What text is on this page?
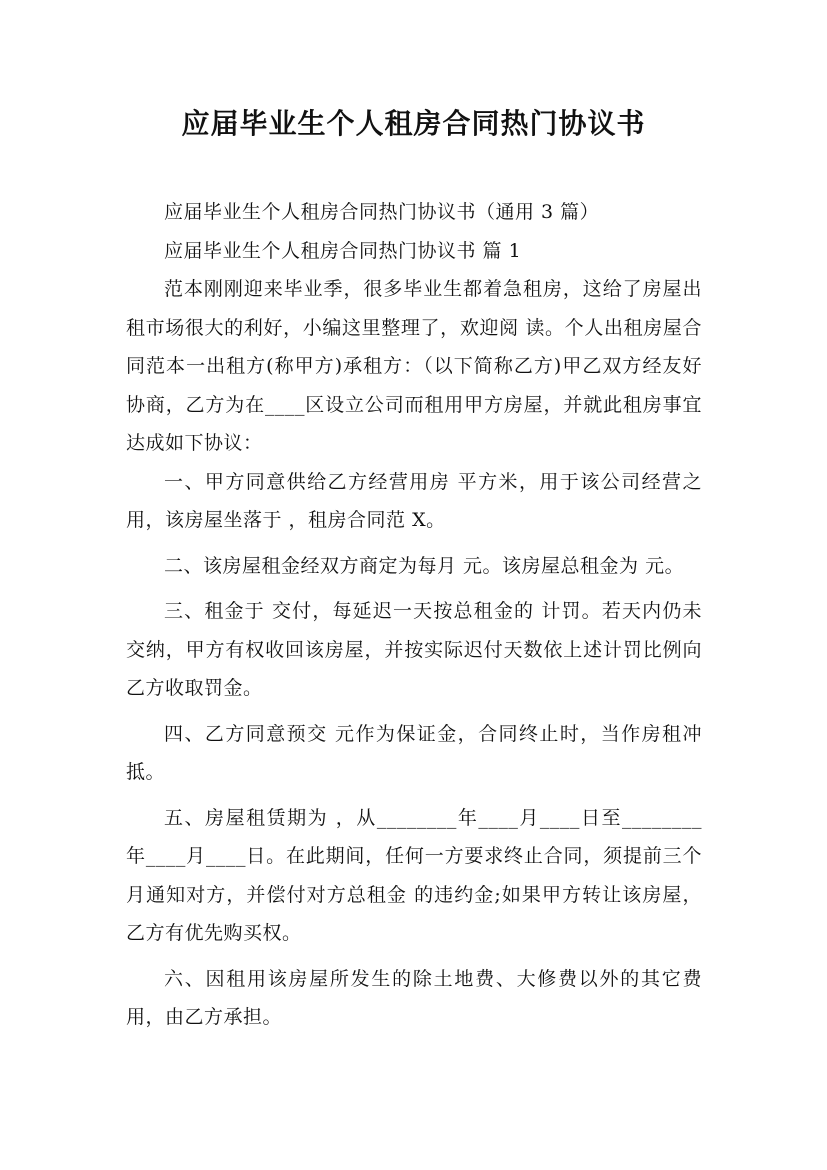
应届毕业生个人租房合同热门协议书

应届毕业生个人租房合同热门协议书（通用 3 篇）

应届毕业生个人租房合同热门协议书 篇 1

范本刚刚迎来毕业季，很多毕业生都着急租房，这给了房屋出租市场很大的利好，小编这里整理了，欢迎阅 读。个人出租房屋合同范本一出租方(称甲方)承租方：（以下简称乙方)甲乙双方经友好协商，乙方为在____区设立公司而租用甲方房屋，并就此租房事宜达成如下协议：

一、甲方同意供给乙方经营用房 平方米，用于该公司经营之用，该房屋坐落于 ，租房合同范 X。

二、该房屋租金经双方商定为每月 元。该房屋总租金为 元。

三、租金于 交付，每延迟一天按总租金的 计罚。若天内仍未交纳，甲方有权收回该房屋，并按实际迟付天数依上述计罚比例向乙方收取罚金。

四、乙方同意预交 元作为保证金，合同终止时，当作房租冲抵。

五、房屋租赁期为 ，从________年____月____日至________年____月____日。在此期间，任何一方要求终止合同，须提前三个月通知对方，并偿付对方总租金 的违约金;如果甲方转让该房屋，乙方有优先购买权。

六、因租用该房屋所发生的除土地费、大修费以外的其它费用，由乙方承担。
